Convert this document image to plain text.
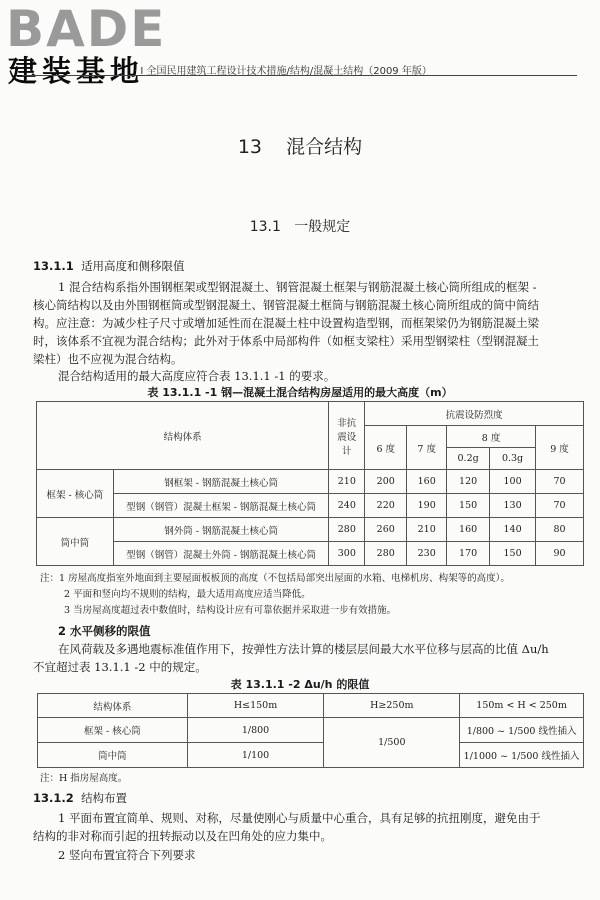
BADE
建装基地
· I 全国民用建筑工程设计技术措施/结构/混凝土结构（2009 年版）
13 混合结构
13.1 一般规定
13.1.1 适用高度和侧移限值
1 混合结构系指外围钢框架或型钢混凝土、钢管混凝土框架与钢筋混凝土核心筒所组成的框架 -
核心筒结构以及由外围钢框筒或型钢混凝土、钢管混凝土框筒与钢筋混凝土核心筒所组成的筒中筒结
构。应注意：为减少柱子尺寸或增加延性而在混凝土柱中设置构造型钢，而框架梁仍为钢筋混凝土梁
时，该体系不宜视为混合结构；此外对于体系中局部构件（如框支梁柱）采用型钢梁柱（型钢混凝土
梁柱）也不应视为混合结构。
混合结构适用的最大高度应符合表 13.1.1 -1 的要求。
表 13.1.1 -1 钢—混凝土混合结构房屋适用的最大高度（m）
结构体系		非抗震设计	抗震设防烈度				
			6 度	7 度	8 度		9 度
					0.2g	0.3g	
框架 - 核心筒	钢框架 - 钢筋混凝土核心筒	210	200	160	120	100	70
	型钢（钢管）混凝土框架 - 钢筋混凝土核心筒	240	220	190	150	130	70
筒中筒	钢外筒 - 钢筋混凝土核心筒	280	260	210	160	140	80
	型钢（钢管）混凝土外筒 - 钢筋混凝土核心筒	300	280	230	170	150	90
注：1 房屋高度指室外地面到主要屋面板板顶的高度（不包括局部突出屋面的水箱、电梯机房、构架等的高度）。
2 平面和竖向均不规则的结构，最大适用高度应适当降低。
3 当房屋高度超过表中数值时，结构设计应有可靠依据并采取进一步有效措施。
2 水平侧移的限值
在风荷载及多遇地震标准值作用下，按弹性方法计算的楼层层间最大水平位移与层高的比值 Δu/h
不宜超过表 13.1.1 -2 中的规定。
表 13.1.1 -2 Δu/h 的限值
结构体系	H≤150m	H≥250m	150m < H < 250m
框架 - 核心筒	1/800	1/500	1/800 ~ 1/500 线性插入
筒中筒	1/100		1/1000 ~ 1/500 线性插入
注：H 指房屋高度。
13.1.2 结构布置
1 平面布置宜简单、规则、对称，尽量使刚心与质量中心重合，具有足够的抗扭刚度，避免由于
结构的非对称而引起的扭转振动以及在凹角处的应力集中。
2 竖向布置宜符合下列要求
